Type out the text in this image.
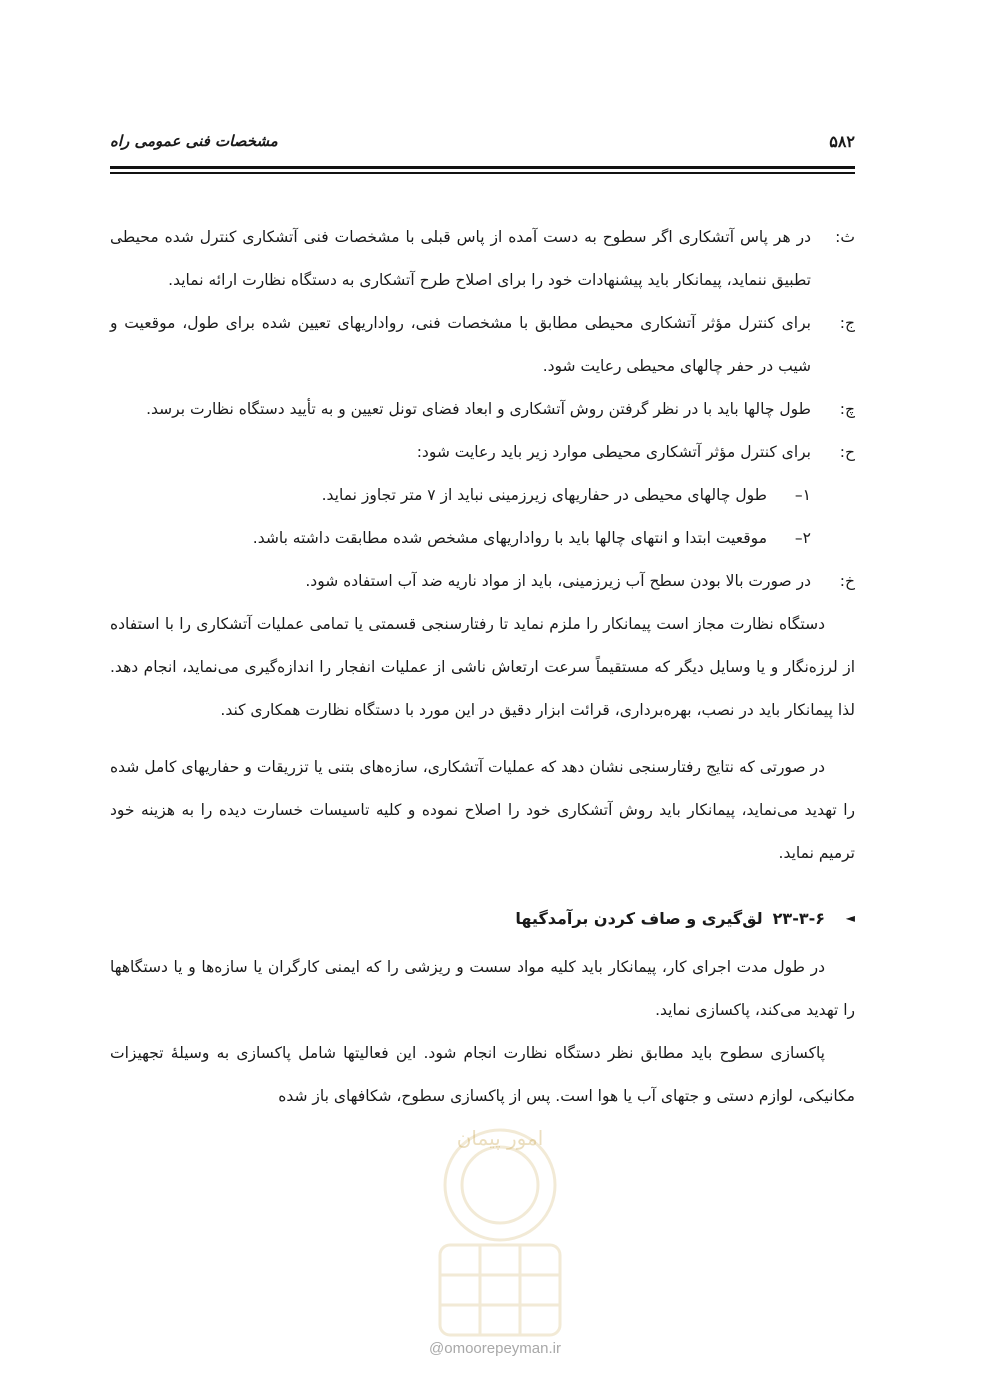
مشخصات فنی عمومی راه	۵۸۲
ث:
در هر پاس آتشکاری اگر سطوح به دست آمده از پاس قبلی با مشخصات فنی آتشکاری کنترل شده محیطی تطبیق ننماید، پیمانکار باید پیشنهادات خود را برای اصلاح طرح آتشکاری به دستگاه نظارت ارائه نماید.
ج:
برای کنترل مؤثر آتشکاری محیطی مطابق با مشخصات فنی، رواداریهای تعیین شده برای طول، موقعیت و شیب در حفر چالهای محیطی رعایت شود.
چ:
طول چالها باید با در نظر گرفتن روش آتشکاری و ابعاد فضای تونل تعیین و به تأیید دستگاه نظارت برسد.
ح:
برای کنترل مؤثر آتشکاری محیطی موارد زیر باید رعایت شود:
۱–
طول چالهای محیطی در حفاریهای زیرزمینی نباید از ۷ متر تجاوز نماید.
۲–
موقعیت ابتدا و انتهای چالها باید با رواداریهای مشخص شده مطابقت داشته باشد.
خ:
در صورت بالا بودن سطح آب زیرزمینی، باید از مواد ناریه ضد آب استفاده شود.

دستگاه نظارت مجاز است پیمانکار را ملزم نماید تا رفتارسنجی قسمتی یا تمامی عملیات آتشکاری را با استفاده از لرزه‌نگار و یا وسایل دیگر که مستقیماً سرعت ارتعاش ناشی از عملیات انفجار را اندازه‌گیری می‌نماید، انجام دهد. لذا پیمانکار باید در نصب، بهره‌برداری، قرائت ابزار دقیق در این مورد با دستگاه نظارت همکاری کند.

در صورتی که نتایج رفتارسنجی نشان دهد که عملیات آتشکاری، سازه‌های بتنی یا تزریقات و حفاریهای کامل شده را تهدید می‌نماید، پیمانکار باید روش آتشکاری خود را اصلاح نموده و کلیه تاسیسات خسارت دیده را به هزینه خود ترمیم نماید.

◄
۲۳-۳-۶
لق‌گیری و صاف کردن برآمدگیها

در طول مدت اجرای کار، پیمانکار باید کلیه مواد سست و ریزشی را که ایمنی کارگران یا سازه‌ها و یا دستگاهها را تهدید می‌کند، پاکسازی نماید.

پاکسازی سطوح باید مطابق نظر دستگاه نظارت انجام شود. این فعالیتها شامل پاکسازی به وسیلهٔ تجهیزات مکانیکی، لوازم دستی و جتهای آب یا هوا است. پس از پاکسازی سطوح، شکافهای باز شده

امور پیمان
@omoorepeyman.ir
